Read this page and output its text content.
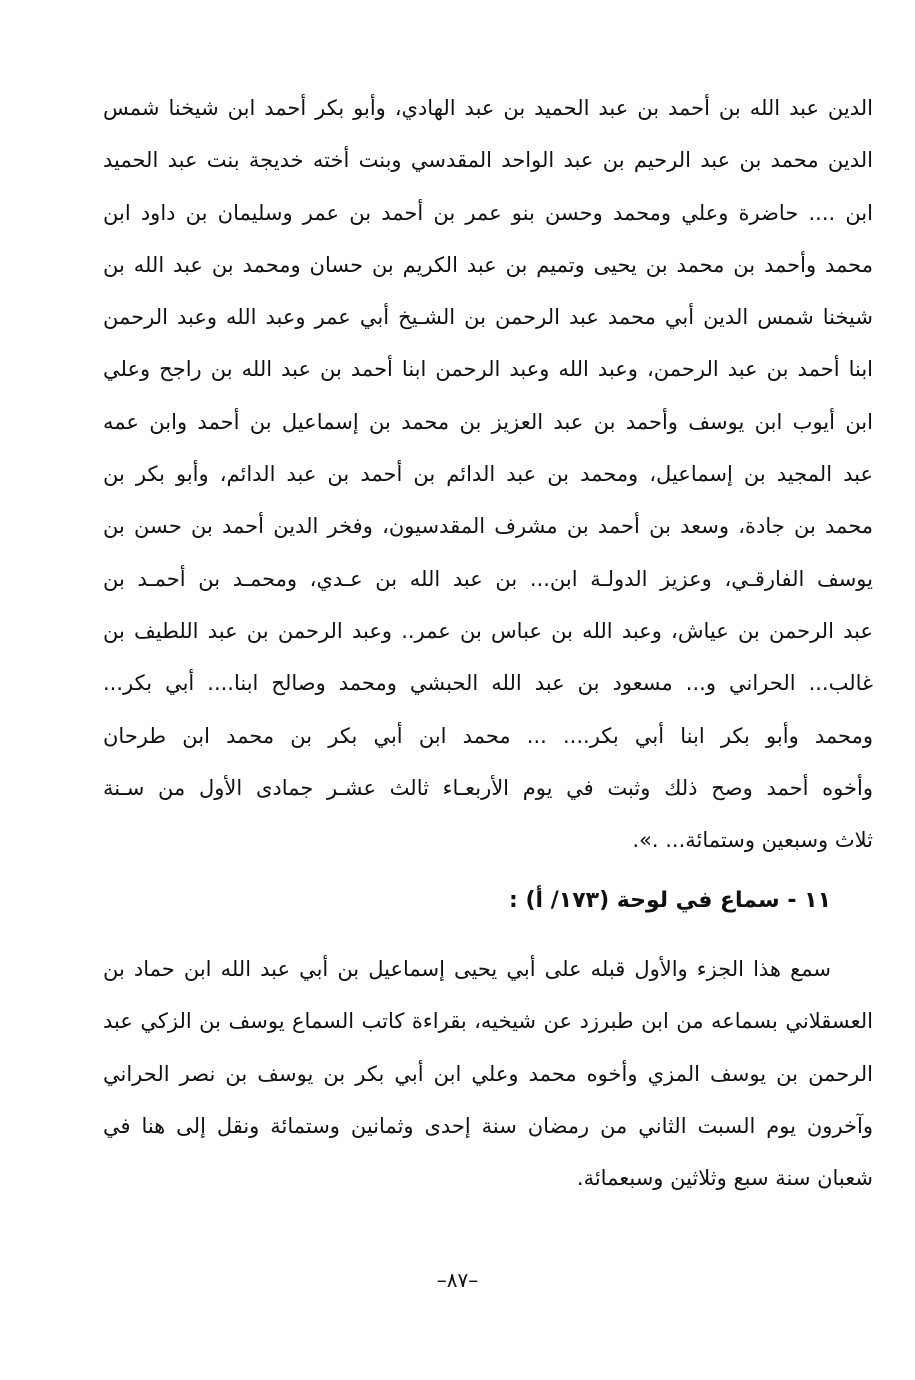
الدين عبد الله بن أحمد بن عبد الحميد بن عبد الهادي، وأبو بكر أحمد ابن شيخنا شمس
الدين محمد بن عبد الرحيم بن عبد الواحد المقدسي وبنت أخته خديجة بنت عبد الحميد
ابن .... حاضرة وعلي ومحمد وحسن بنو عمر بن أحمد بن عمر وسليمان بن داود ابن
محمد وأحمد بن محمد بن يحيى وتميم بن عبد الكريم بن حسان ومحمد بن عبد الله بن
شيخنا شمس الدين أبي محمد عبد الرحمن بن الشـيخ أبي عمر وعبد الله وعبد الرحمن
ابنا أحمد بن عبد الرحمن، وعبد الله وعبد الرحمن ابنا أحمد بن عبد الله بن راجح وعلي
ابن أيوب ابن يوسف وأحمد بن عبد العزيز بن محمد بن إسماعيل بن أحمد وابن عمه
عبد المجيد بن إسماعيل، ومحمد بن عبد الدائم بن أحمد بن عبد الدائم، وأبو بكر بن
محمد بن جادة، وسعد بن أحمد بن مشرف المقدسيون، وفخر الدين أحمد بن حسن بن
يوسف الفارقـي، وعزيز الدولـة ابن... بن عبد الله بن عـدي، ومحمـد بن أحمـد بن
عبد الرحمن بن عياش، وعبد الله بن عباس بن عمر.. وعبد الرحمن بن عبد اللطيف بن
غالب... الحراني و... مسعود بن عبد الله الحبشي ومحمد وصالح ابنا.... أبي بكر...
ومحمد وأبو بكر ابنا أبي بكر.... ... محمد ابن أبي بكر بن محمد ابن طرحان
وأخوه أحمد وصح ذلك وثبت في يوم الأربعـاء ثالث عشـر جمادى الأول من سـنة
ثلاث وسبعين وستمائة... .».
١١ - سماع في لوحة (١٧٣/ أ) :
سمع هذا الجزء والأول قبله على أبي يحيى إسماعيل بن أبي عبد الله ابن حماد بن
العسقلاني بسماعه من ابن طبرزد عن شيخيه، بقراءة كاتب السماع يوسف بن الزكي عبد
الرحمن بن يوسف المزي وأخوه محمد وعلي ابن أبي بكر بن يوسف بن نصر الحراني
وآخرون يوم السبت الثاني من رمضان سنة إحدى وثمانين وستمائة ونقل إلى هنا في
شعبان سنة سبع وثلاثين وسبعمائة.
–٨٧–
